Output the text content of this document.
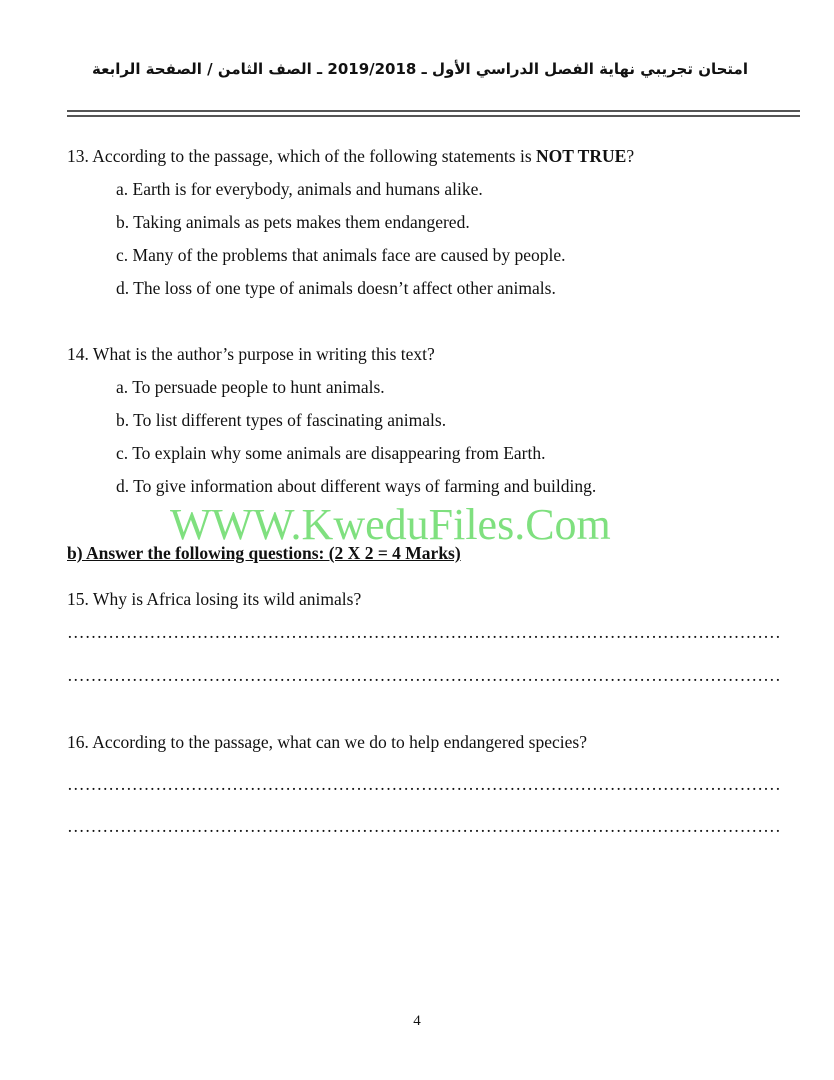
امتحان تجريبي نهاية الفصل الدراسي الأول ـ 2019/2018 ـ الصف الثامن / الصفحة الرابعة
13. According to the passage, which of the following statements is NOT TRUE?
a. Earth is for everybody, animals and humans alike.
b. Taking animals as pets makes them endangered.
c. Many of the problems that animals face are caused by people.
d. The loss of one type of animals doesn’t affect other animals.
14. What is the author’s purpose in writing this text?
a. To persuade people to hunt animals.
b. To list different types of fascinating animals.
c. To explain why some animals are disappearing from Earth.
d. To give information about different ways of farming and building.
WWW.KweduFiles.Com
b) Answer the following questions: (2 X 2 = 4 Marks)
15. Why is Africa losing its wild animals?
……………………………………………………………………………………………………………………………………………………………
……………………………………………………………………………………………………………………………………………………………
16. According to the passage, what can we do to help endangered species?
……………………………………………………………………………………………………………………………………………………………
……………………………………………………………………………………………………………………………………………………………
4
